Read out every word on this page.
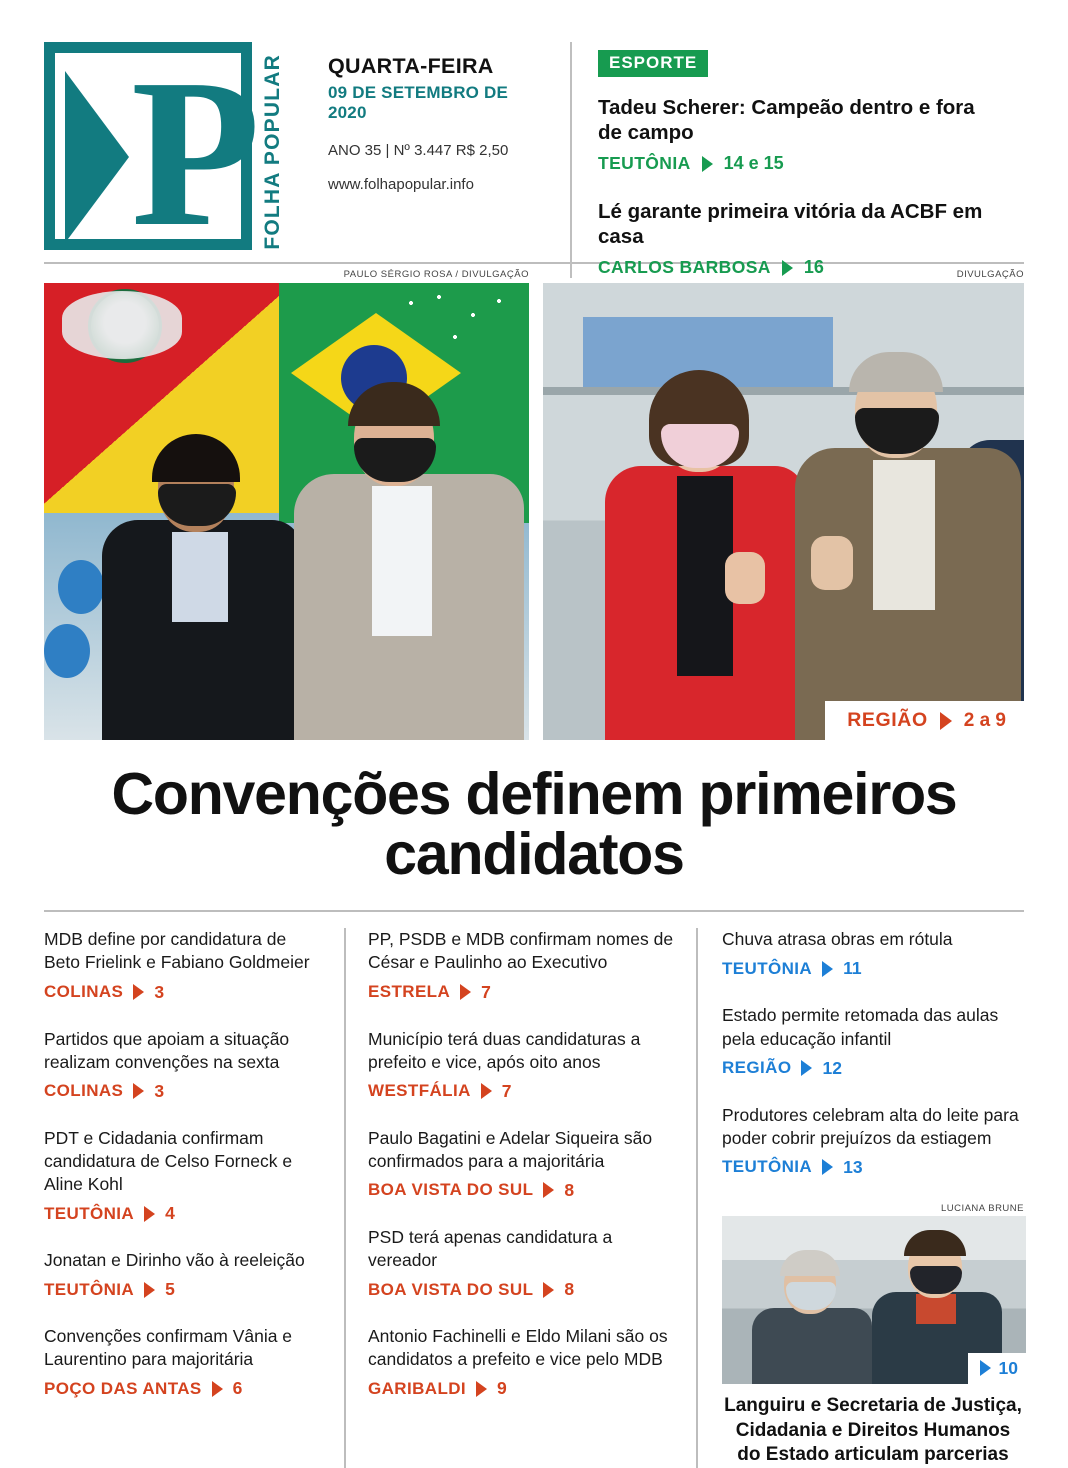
P FOLHA POPULAR QUARTA-FEIRA
09 DE SETEMBRO DE 2020
ANO 35 | Nº 3.447 R$ 2,50
www.folhapopular.info
ESPORTE
Tadeu Scherer: Campeão dentro e fora de campo
TEUTÔNIA 14 e 15
Lé garante primeira vitória da ACBF em casa
CARLOS BARBOSA 16
PAULO SÉRGIO ROSA / DIVULGAÇÃO	DIVULGAÇÃO
REGIÃO 2 a 9
Convenções definem primeiros candidatos
MDB define por candidatura de Beto Frielink e Fabiano Goldmeier
COLINAS 3
Partidos que apoiam a situação realizam convenções na sexta
COLINAS 3
PDT e Cidadania confirmam candidatura de Celso Forneck e Aline Kohl
TEUTÔNIA 4
Jonatan e Dirinho vão à reeleição
TEUTÔNIA 5
Convenções confirmam Vânia e Laurentino para majoritária
POÇO DAS ANTAS 6
PP, PSDB e MDB confirmam nomes de César e Paulinho ao Executivo
ESTRELA 7
Município terá duas candidaturas a prefeito e vice, após oito anos
WESTFÁLIA 7
Paulo Bagatini e Adelar Siqueira são confirmados para a majoritária
BOA VISTA DO SUL 8
PSD terá apenas candidatura a vereador
BOA VISTA DO SUL 8
Antonio Fachinelli e Eldo Milani são os candidatos a prefeito e vice pelo MDB
GARIBALDI 9
Chuva atrasa obras em rótula
TEUTÔNIA 11
Estado permite retomada das aulas pela educação infantil
REGIÃO 12
Produtores celebram alta do leite para poder cobrir prejuízos da estiagem
TEUTÔNIA 13
LUCIANA BRUNE
10
Languiru e Secretaria de Justiça, Cidadania e Direitos Humanos do Estado articulam parcerias
